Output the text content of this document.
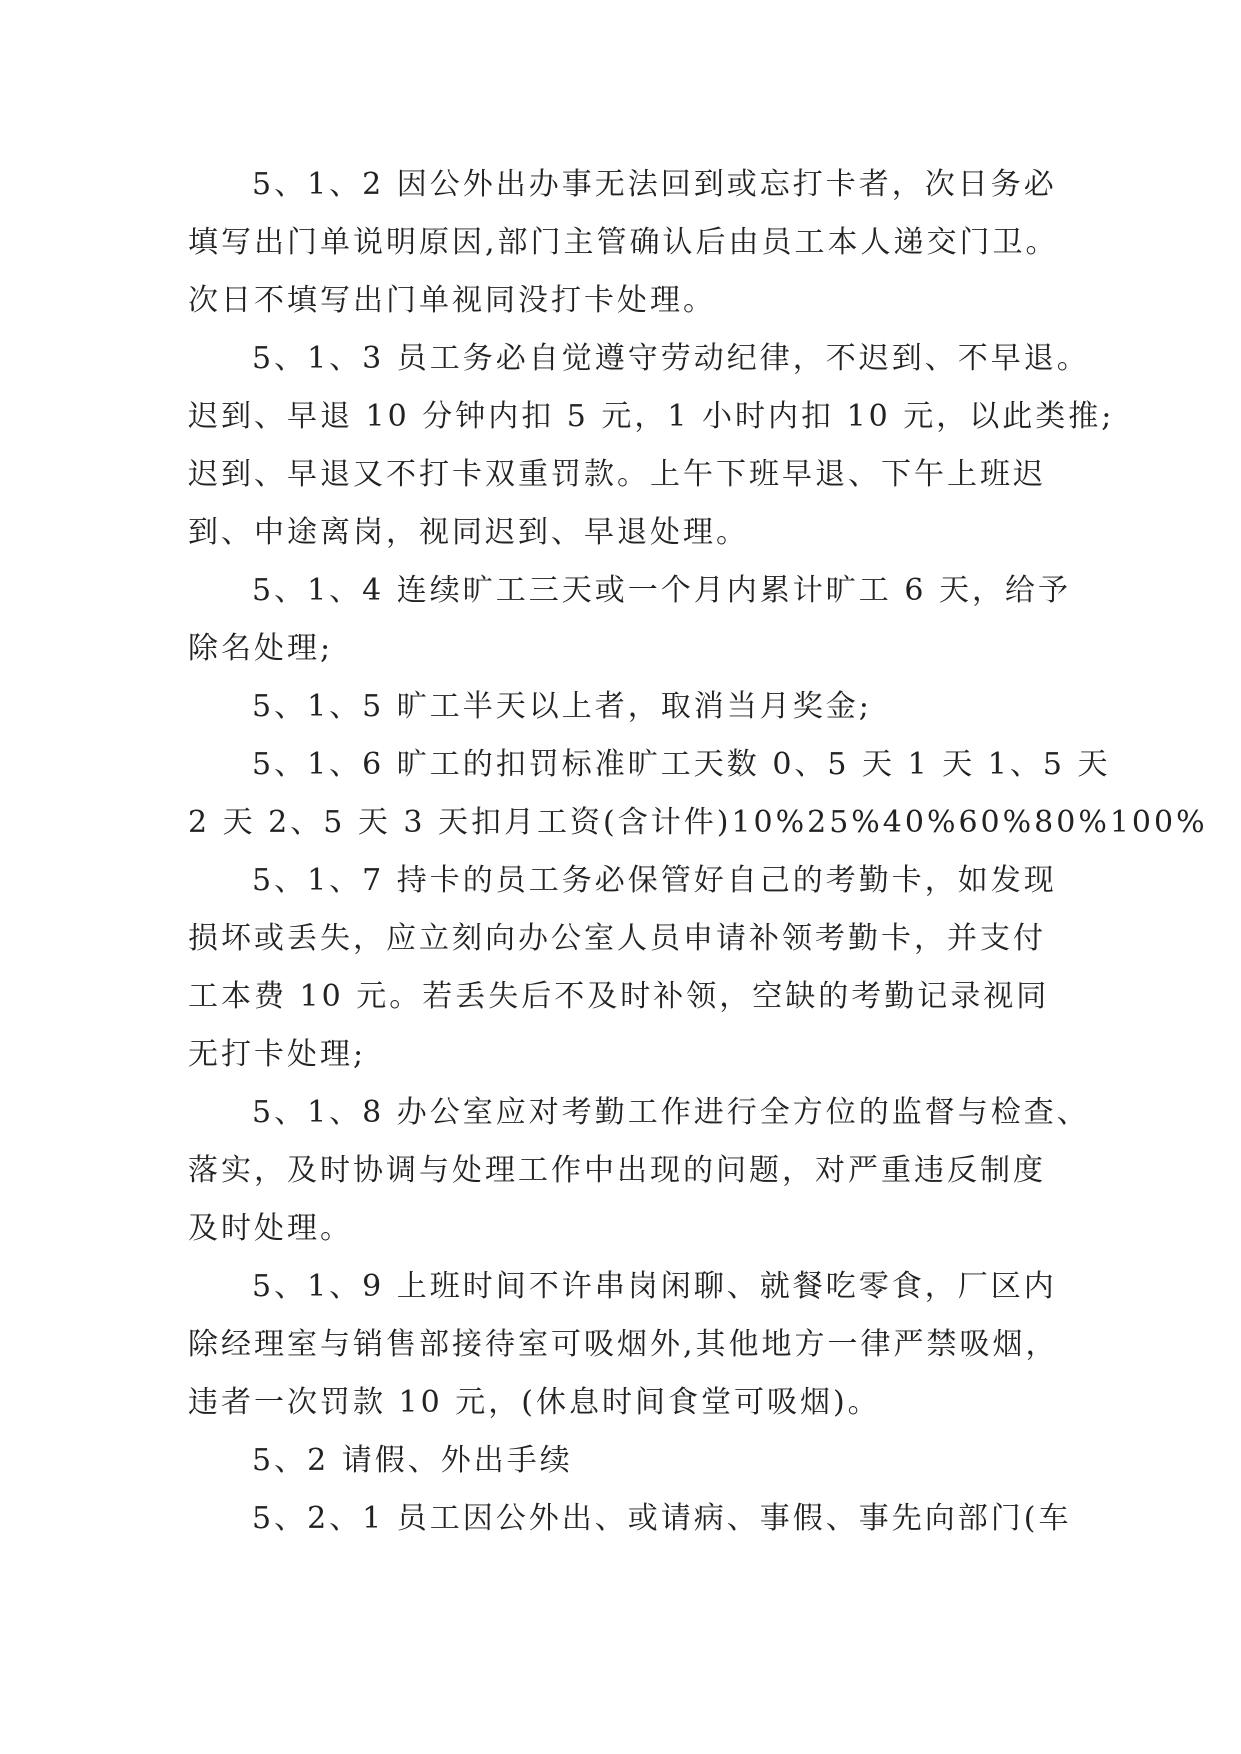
5、1、2 因公外出办事无法回到或忘打卡者，次日务必
填写出门单说明原因,部门主管确认后由员工本人递交门卫。
次日不填写出门单视同没打卡处理。
5、1、3 员工务必自觉遵守劳动纪律，不迟到、不早退。
迟到、早退 10 分钟内扣 5 元，1 小时内扣 10 元，以此类推;
迟到、早退又不打卡双重罚款。上午下班早退、下午上班迟
到、中途离岗，视同迟到、早退处理。
5、1、4 连续旷工三天或一个月内累计旷工 6 天，给予
除名处理;
5、1、5 旷工半天以上者，取消当月奖金;
5、1、6 旷工的扣罚标准旷工天数 0、5 天 1 天 1、5 天
2 天 2、5 天 3 天扣月工资(含计件)10%25%40%60%80%100%
5、1、7 持卡的员工务必保管好自己的考勤卡，如发现
损坏或丢失，应立刻向办公室人员申请补领考勤卡，并支付
工本费 10 元。若丢失后不及时补领，空缺的考勤记录视同
无打卡处理;
5、1、8 办公室应对考勤工作进行全方位的监督与检查、
落实，及时协调与处理工作中出现的问题，对严重违反制度
及时处理。
5、1、9 上班时间不许串岗闲聊、就餐吃零食，厂区内
除经理室与销售部接待室可吸烟外,其他地方一律严禁吸烟，
违者一次罚款 10 元，(休息时间食堂可吸烟)。
5、2 请假、外出手续
5、2、1 员工因公外出、或请病、事假、事先向部门(车
